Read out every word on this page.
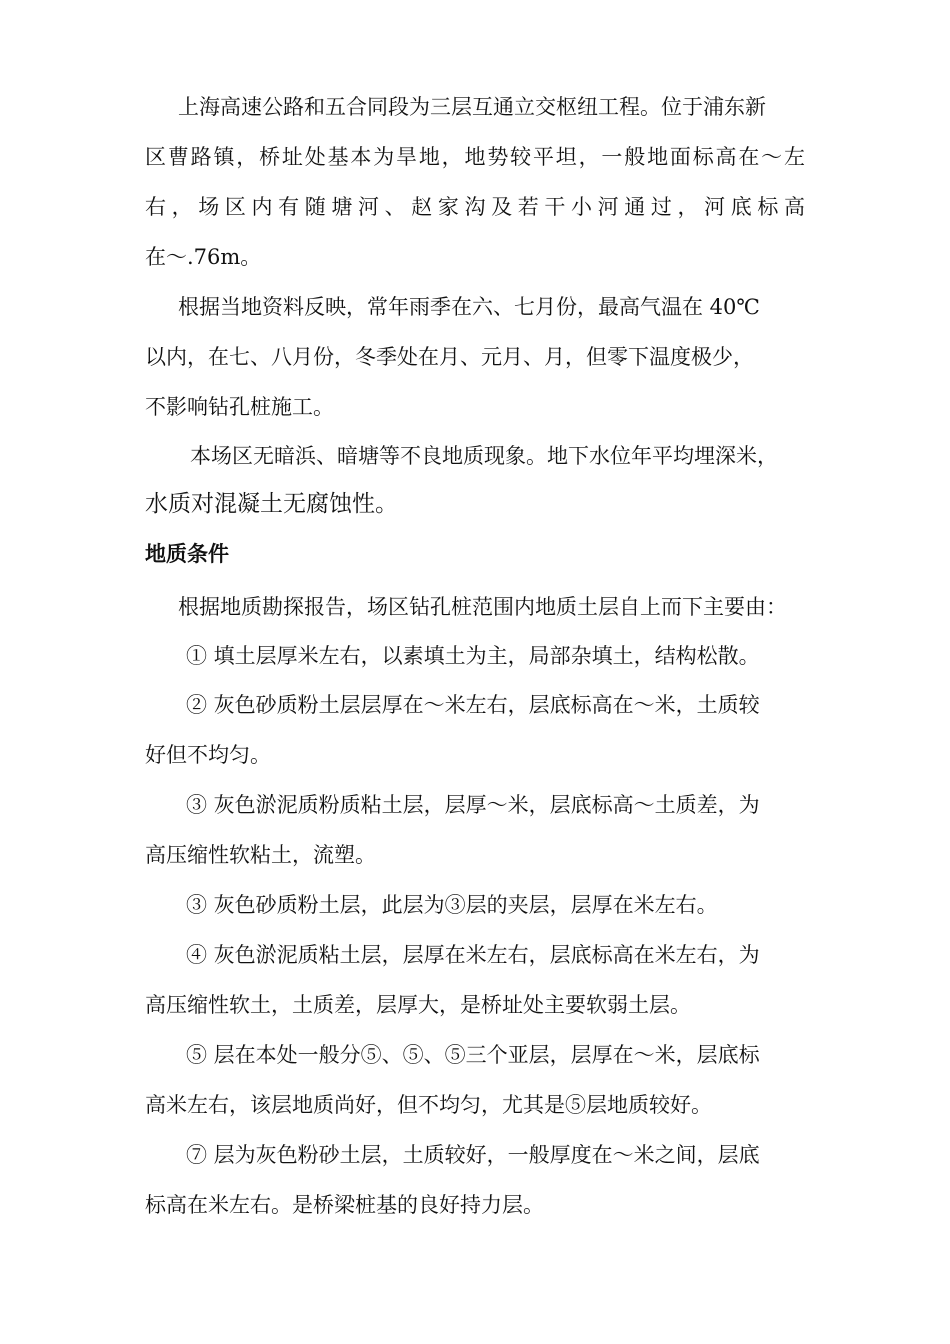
上海高速公路和五合同段为三层互通立交枢纽工程。位于浦东新

区曹路镇，桥址处基本为旱地，地势较平坦，一般地面标高在～左

右，场区内有随塘河、赵家沟及若干小河通过，河底标高

在～.76m。

根据当地资料反映，常年雨季在六、七月份，最高气温在 40℃

以内，在七、八月份，冬季处在月、元月、月，但零下温度极少，

不影响钻孔桩施工。

本场区无暗浜、暗塘等不良地质现象。地下水位年平均埋深米，

水质对混凝土无腐蚀性。

地质条件

根据地质勘探报告，场区钻孔桩范围内地质土层自上而下主要由：

① 填土层厚米左右，以素填土为主，局部杂填土，结构松散。

② 灰色砂质粉土层层厚在～米左右，层底标高在～米，土质较

好但不均匀。

③ 灰色淤泥质粉质粘土层，层厚～米，层底标高～土质差，为

高压缩性软粘土，流塑。

③ 灰色砂质粉土层，此层为③层的夹层，层厚在米左右。

④ 灰色淤泥质粘土层，层厚在米左右，层底标高在米左右，为

高压缩性软土，土质差，层厚大，是桥址处主要软弱土层。

⑤ 层在本处一般分⑤、⑤、⑤三个亚层，层厚在～米，层底标

高米左右，该层地质尚好，但不均匀，尤其是⑤层地质较好。

⑦ 层为灰色粉砂土层，土质较好，一般厚度在～米之间，层底

标高在米左右。是桥梁桩基的良好持力层。
